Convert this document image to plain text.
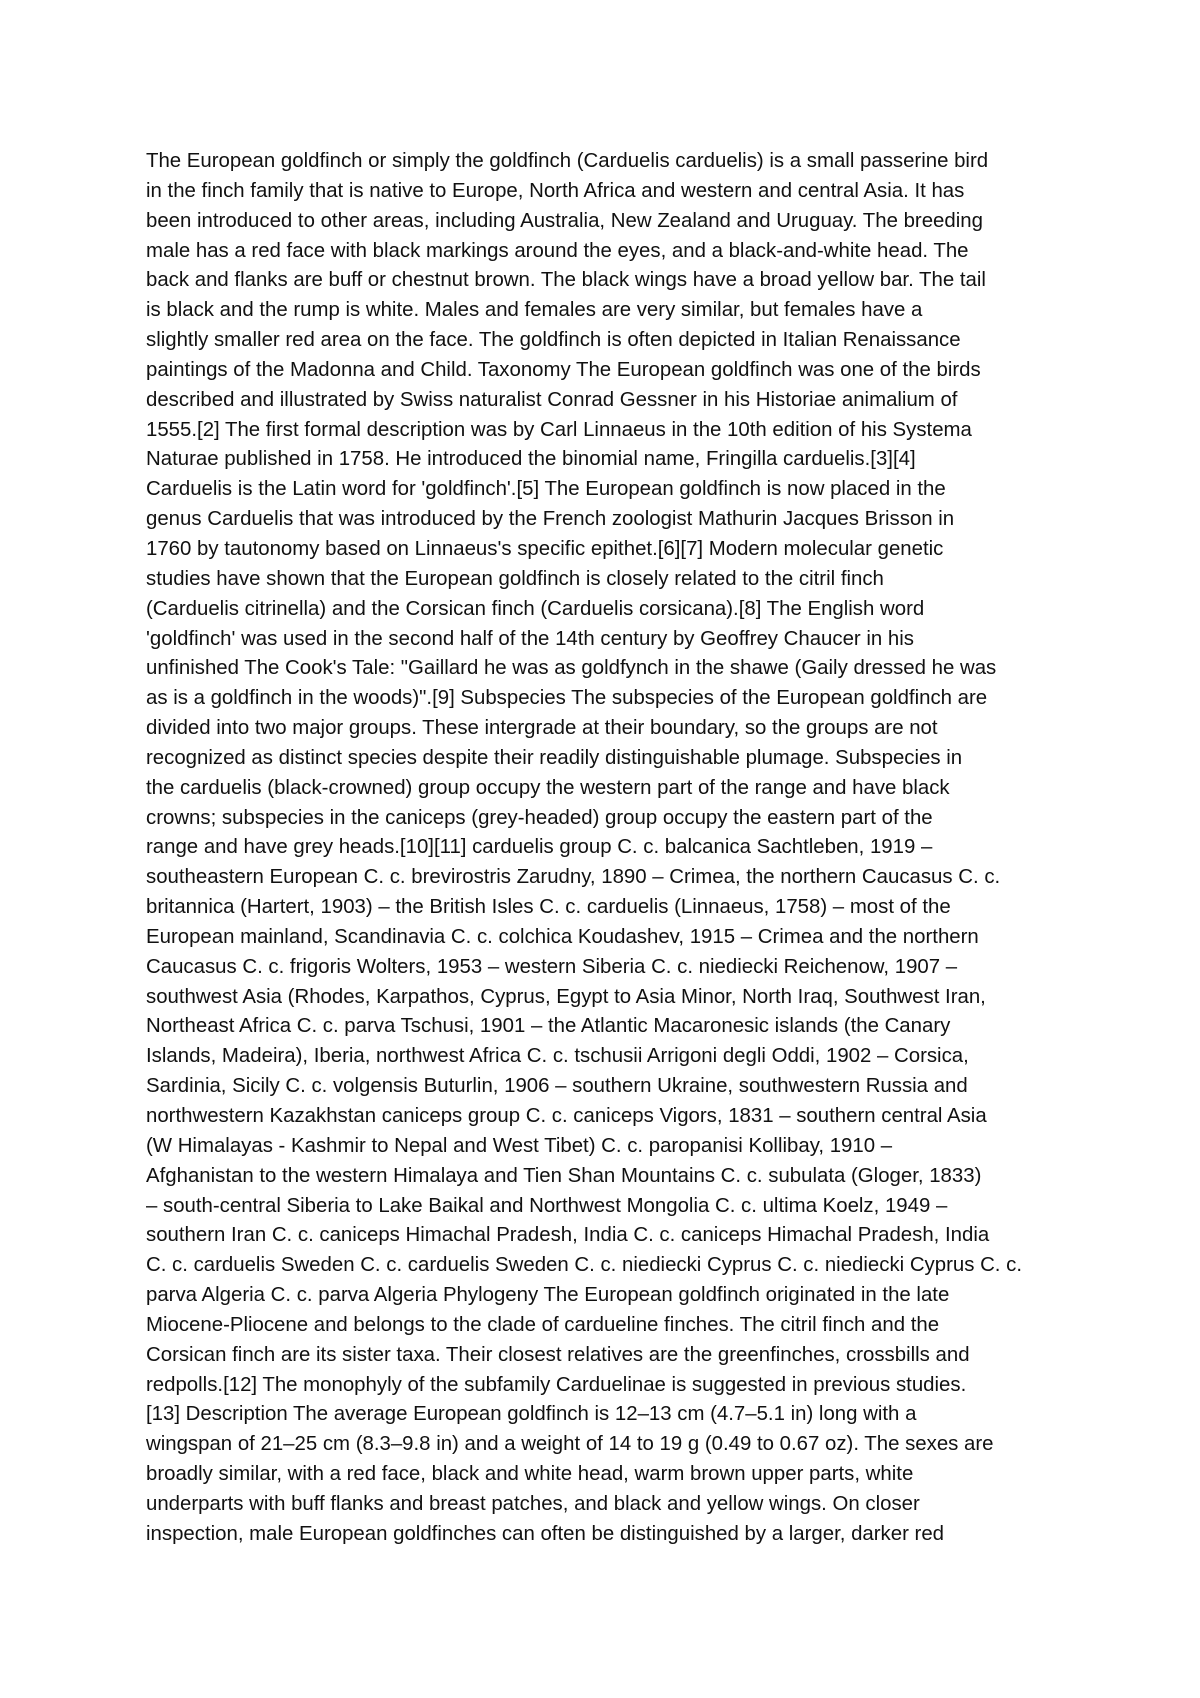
The European goldfinch or simply the goldfinch (Carduelis carduelis) is a small passerine bird
in the finch family that is native to Europe, North Africa and western and central Asia. It has
been introduced to other areas, including Australia, New Zealand and Uruguay. The breeding
male has a red face with black markings around the eyes, and a black-and-white head. The
back and flanks are buff or chestnut brown. The black wings have a broad yellow bar. The tail
is black and the rump is white. Males and females are very similar, but females have a
slightly smaller red area on the face. The goldfinch is often depicted in Italian Renaissance
paintings of the Madonna and Child. Taxonomy The European goldfinch was one of the birds
described and illustrated by Swiss naturalist Conrad Gessner in his Historiae animalium of
1555.[2] The first formal description was by Carl Linnaeus in the 10th edition of his Systema
Naturae published in 1758. He introduced the binomial name, Fringilla carduelis.[3][4]
Carduelis is the Latin word for 'goldfinch'.[5] The European goldfinch is now placed in the
genus Carduelis that was introduced by the French zoologist Mathurin Jacques Brisson in
1760 by tautonomy based on Linnaeus's specific epithet.[6][7] Modern molecular genetic
studies have shown that the European goldfinch is closely related to the citril finch
(Carduelis citrinella) and the Corsican finch (Carduelis corsicana).[8] The English word
'goldfinch' was used in the second half of the 14th century by Geoffrey Chaucer in his
unfinished The Cook's Tale: "Gaillard he was as goldfynch in the shawe (Gaily dressed he was
as is a goldfinch in the woods)".[9] Subspecies The subspecies of the European goldfinch are
divided into two major groups. These intergrade at their boundary, so the groups are not
recognized as distinct species despite their readily distinguishable plumage. Subspecies in
the carduelis (black-crowned) group occupy the western part of the range and have black
crowns; subspecies in the caniceps (grey-headed) group occupy the eastern part of the
range and have grey heads.[10][11] carduelis group C. c. balcanica Sachtleben, 1919 –
southeastern European C. c. brevirostris Zarudny, 1890 – Crimea, the northern Caucasus C. c.
britannica (Hartert, 1903) – the British Isles C. c. carduelis (Linnaeus, 1758) – most of the
European mainland, Scandinavia C. c. colchica Koudashev, 1915 – Crimea and the northern
Caucasus C. c. frigoris Wolters, 1953 – western Siberia C. c. niediecki Reichenow, 1907 –
southwest Asia (Rhodes, Karpathos, Cyprus, Egypt to Asia Minor, North Iraq, Southwest Iran,
Northeast Africa C. c. parva Tschusi, 1901 – the Atlantic Macaronesic islands (the Canary
Islands, Madeira), Iberia, northwest Africa C. c. tschusii Arrigoni degli Oddi, 1902 – Corsica,
Sardinia, Sicily C. c. volgensis Buturlin, 1906 – southern Ukraine, southwestern Russia and
northwestern Kazakhstan caniceps group C. c. caniceps Vigors, 1831 – southern central Asia
(W Himalayas - Kashmir to Nepal and West Tibet) C. c. paropanisi Kollibay, 1910 –
Afghanistan to the western Himalaya and Tien Shan Mountains C. c. subulata (Gloger, 1833)
– south-central Siberia to Lake Baikal and Northwest Mongolia C. c. ultima Koelz, 1949 –
southern Iran C. c. caniceps Himachal Pradesh, India C. c. caniceps Himachal Pradesh, India
C. c. carduelis Sweden C. c. carduelis Sweden C. c. niediecki Cyprus C. c. niediecki Cyprus C. c.
parva Algeria C. c. parva Algeria Phylogeny The European goldfinch originated in the late
Miocene-Pliocene and belongs to the clade of cardueline finches. The citril finch and the
Corsican finch are its sister taxa. Their closest relatives are the greenfinches, crossbills and
redpolls.[12] The monophyly of the subfamily Carduelinae is suggested in previous studies.
[13] Description The average European goldfinch is 12–13 cm (4.7–5.1 in) long with a
wingspan of 21–25 cm (8.3–9.8 in) and a weight of 14 to 19 g (0.49 to 0.67 oz). The sexes are
broadly similar, with a red face, black and white head, warm brown upper parts, white
underparts with buff flanks and breast patches, and black and yellow wings. On closer
inspection, male European goldfinches can often be distinguished by a larger, darker red
